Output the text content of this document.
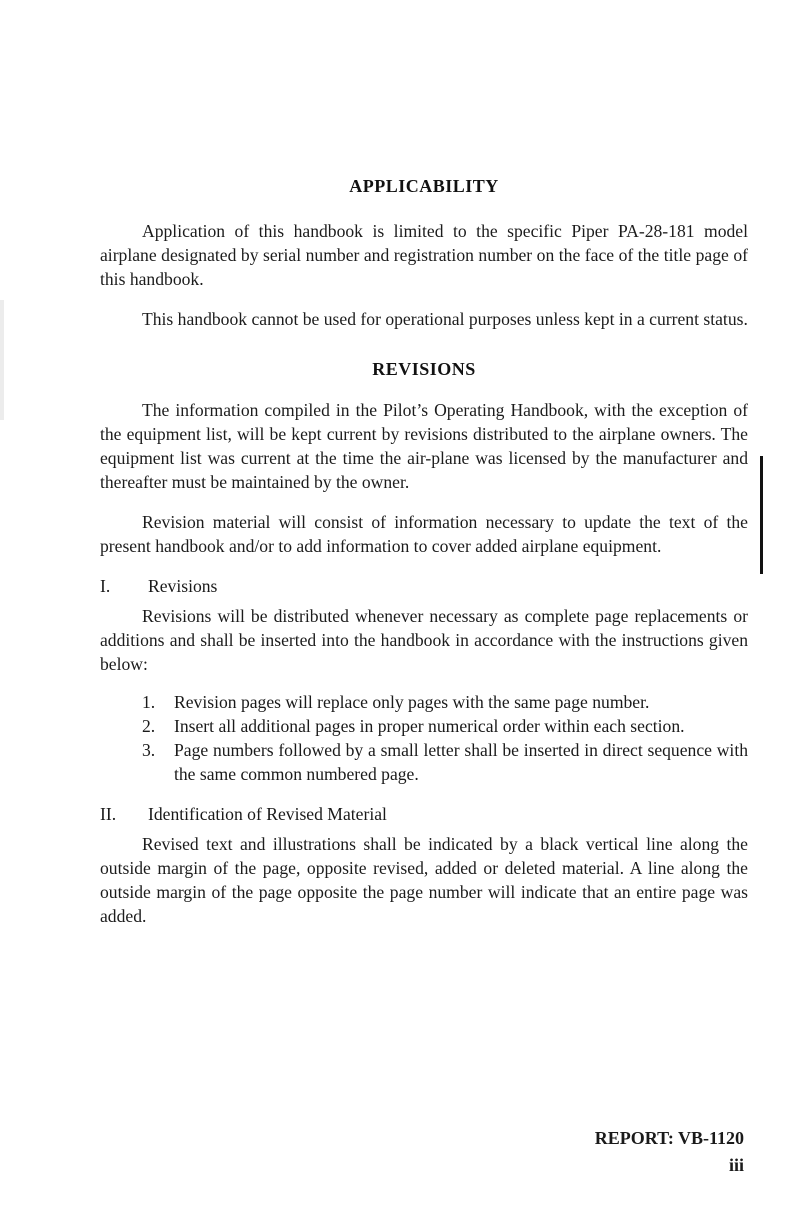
APPLICABILITY

Application of this handbook is limited to the specific Piper PA-28-181 model airplane designated by serial number and registration number on the face of the title page of this handbook.

This handbook cannot be used for operational purposes unless kept in a current status.

REVISIONS

The information compiled in the Pilot’s Operating Handbook, with the exception of the equipment list, will be kept current by revisions distributed to the airplane owners. The equipment list was current at the time the air-plane was licensed by the manufacturer and thereafter must be maintained by the owner.

Revision material will consist of information necessary to update the text of the present handbook and/or to add information to cover added airplane equipment.

I.	Revisions

Revisions will be distributed whenever necessary as complete page replacements or additions and shall be inserted into the handbook in accordance with the instructions given below:

1.	Revision pages will replace only pages with the same page number.
2.	Insert all additional pages in proper numerical order within each section.
3.	Page numbers followed by a small letter shall be inserted in direct sequence with the same common numbered page.
II.	Identification of Revised Material

Revised text and illustrations shall be indicated by a black vertical line along the outside margin of the page, opposite revised, added or deleted material. A line along the outside margin of the page opposite the page number will indicate that an entire page was added.

REPORT: VB-1120
iii
